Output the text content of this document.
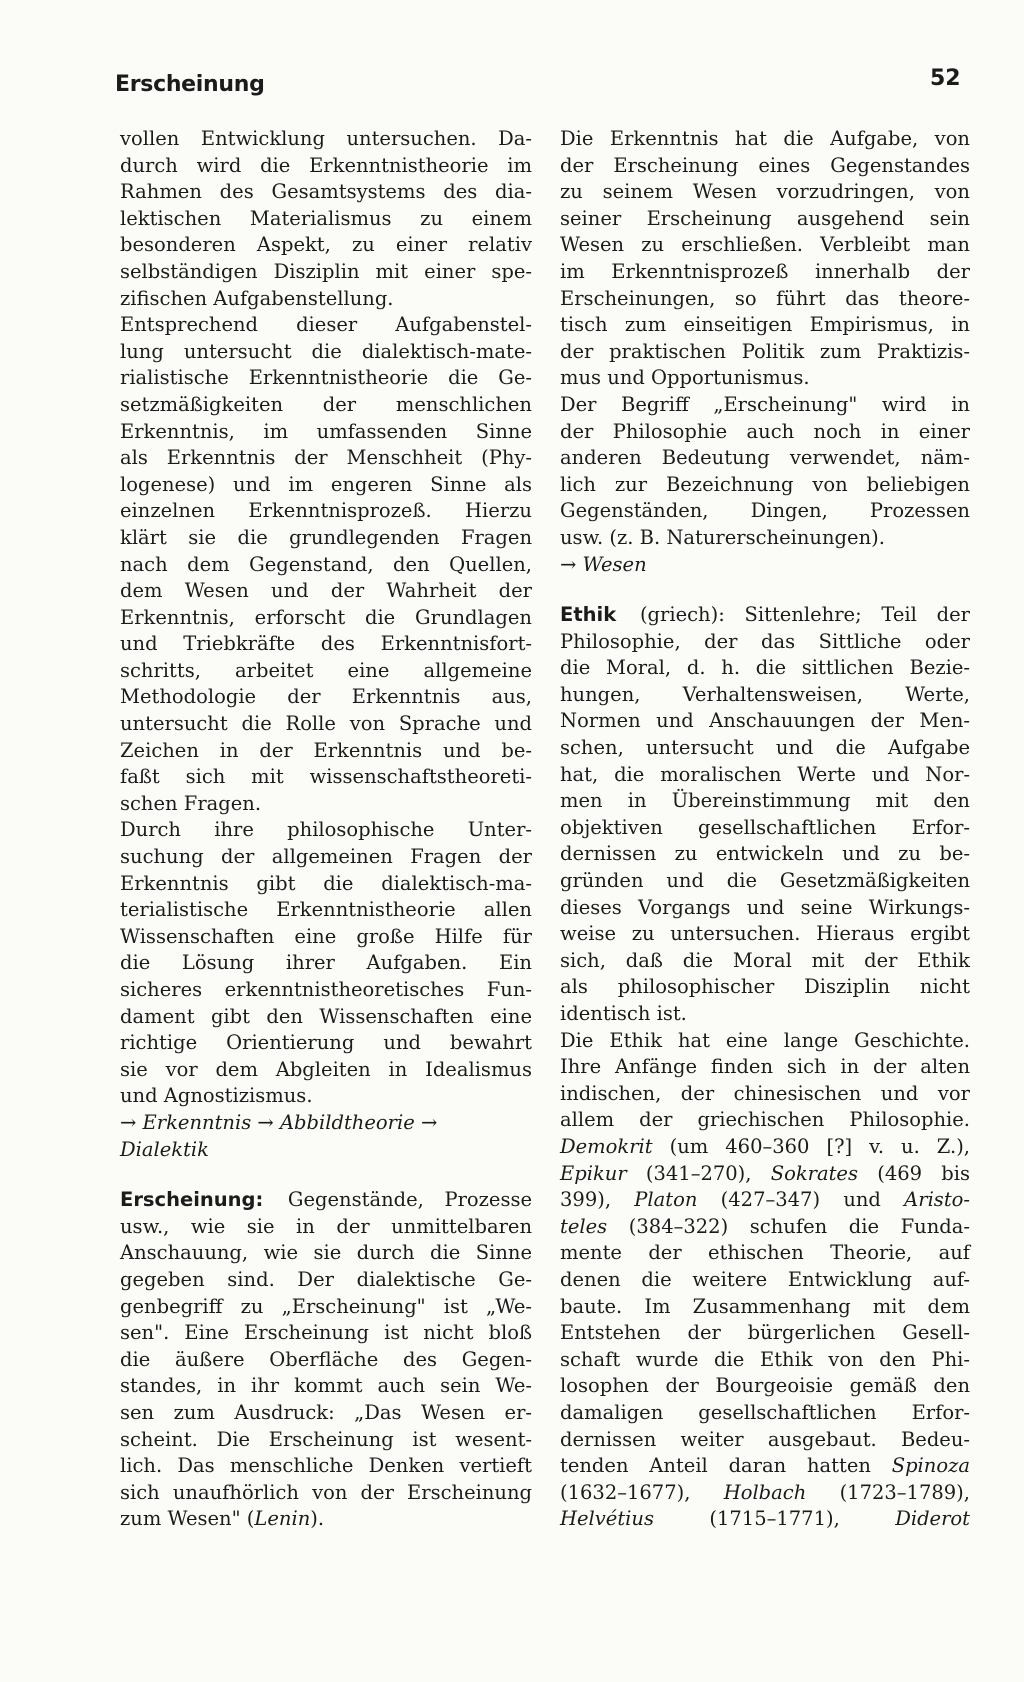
Erscheinung	52
vollen Entwicklung untersuchen. Da-
durch wird die Erkenntnistheorie im
Rahmen des Gesamtsystems des dia-
lektischen Materialismus zu einem
besonderen Aspekt, zu einer relativ
selbständigen Disziplin mit einer spe-
zifischen Aufgabenstellung.
Entsprechend dieser Aufgabenstel-
lung untersucht die dialektisch-mate-
rialistische Erkenntnistheorie die Ge-
setzmäßigkeiten der menschlichen
Erkenntnis, im umfassenden Sinne
als Erkenntnis der Menschheit (Phy-
logenese) und im engeren Sinne als
einzelnen Erkenntnisprozeß. Hierzu
klärt sie die grundlegenden Fragen
nach dem Gegenstand, den Quellen,
dem Wesen und der Wahrheit der
Erkenntnis, erforscht die Grundlagen
und Triebkräfte des Erkenntnisfort-
schritts, arbeitet eine allgemeine
Methodologie der Erkenntnis aus,
untersucht die Rolle von Sprache und
Zeichen in der Erkenntnis und be-
faßt sich mit wissenschaftstheoreti-
schen Fragen.
Durch ihre philosophische Unter-
suchung der allgemeinen Fragen der
Erkenntnis gibt die dialektisch-ma-
terialistische Erkenntnistheorie allen
Wissenschaften eine große Hilfe für
die Lösung ihrer Aufgaben. Ein
sicheres erkenntnistheoretisches Fun-
dament gibt den Wissenschaften eine
richtige Orientierung und bewahrt
sie vor dem Abgleiten in Idealismus
und Agnostizismus.
→ Erkenntnis → Abbildtheorie →
Dialektik
Erscheinung: Gegenstände, Prozesse
usw., wie sie in der unmittelbaren
Anschauung, wie sie durch die Sinne
gegeben sind. Der dialektische Ge-
genbegriff zu „Erscheinung" ist „We-
sen". Eine Erscheinung ist nicht bloß
die äußere Oberfläche des Gegen-
standes, in ihr kommt auch sein We-
sen zum Ausdruck: „Das Wesen er-
scheint. Die Erscheinung ist wesent-
lich. Das menschliche Denken vertieft
sich unaufhörlich von der Erscheinung
zum Wesen" (Lenin).
Die Erkenntnis hat die Aufgabe, von
der Erscheinung eines Gegenstandes
zu seinem Wesen vorzudringen, von
seiner Erscheinung ausgehend sein
Wesen zu erschließen. Verbleibt man
im Erkenntnisprozeß innerhalb der
Erscheinungen, so führt das theore-
tisch zum einseitigen Empirismus, in
der praktischen Politik zum Praktizis-
mus und Opportunismus.
Der Begriff „Erscheinung" wird in
der Philosophie auch noch in einer
anderen Bedeutung verwendet, näm-
lich zur Bezeichnung von beliebigen
Gegenständen, Dingen, Prozessen
usw. (z. B. Naturerscheinungen).
→ Wesen
Ethik (griech): Sittenlehre; Teil der
Philosophie, der das Sittliche oder
die Moral, d. h. die sittlichen Bezie-
hungen, Verhaltensweisen, Werte,
Normen und Anschauungen der Men-
schen, untersucht und die Aufgabe
hat, die moralischen Werte und Nor-
men in Übereinstimmung mit den
objektiven gesellschaftlichen Erfor-
dernissen zu entwickeln und zu be-
gründen und die Gesetzmäßigkeiten
dieses Vorgangs und seine Wirkungs-
weise zu untersuchen. Hieraus ergibt
sich, daß die Moral mit der Ethik
als philosophischer Disziplin nicht
identisch ist.
Die Ethik hat eine lange Geschichte.
Ihre Anfänge finden sich in der alten
indischen, der chinesischen und vor
allem der griechischen Philosophie.
Demokrit (um 460–360 [?] v. u. Z.),
Epikur (341–270), Sokrates (469 bis
399), Platon (427–347) und Aristo-
teles (384–322) schufen die Funda-
mente der ethischen Theorie, auf
denen die weitere Entwicklung auf-
baute. Im Zusammenhang mit dem
Entstehen der bürgerlichen Gesell-
schaft wurde die Ethik von den Phi-
losophen der Bourgeoisie gemäß den
damaligen gesellschaftlichen Erfor-
dernissen weiter ausgebaut. Bedeu-
tenden Anteil daran hatten Spinoza
(1632–1677), Holbach (1723–1789),
Helvétius (1715–1771), Diderot
